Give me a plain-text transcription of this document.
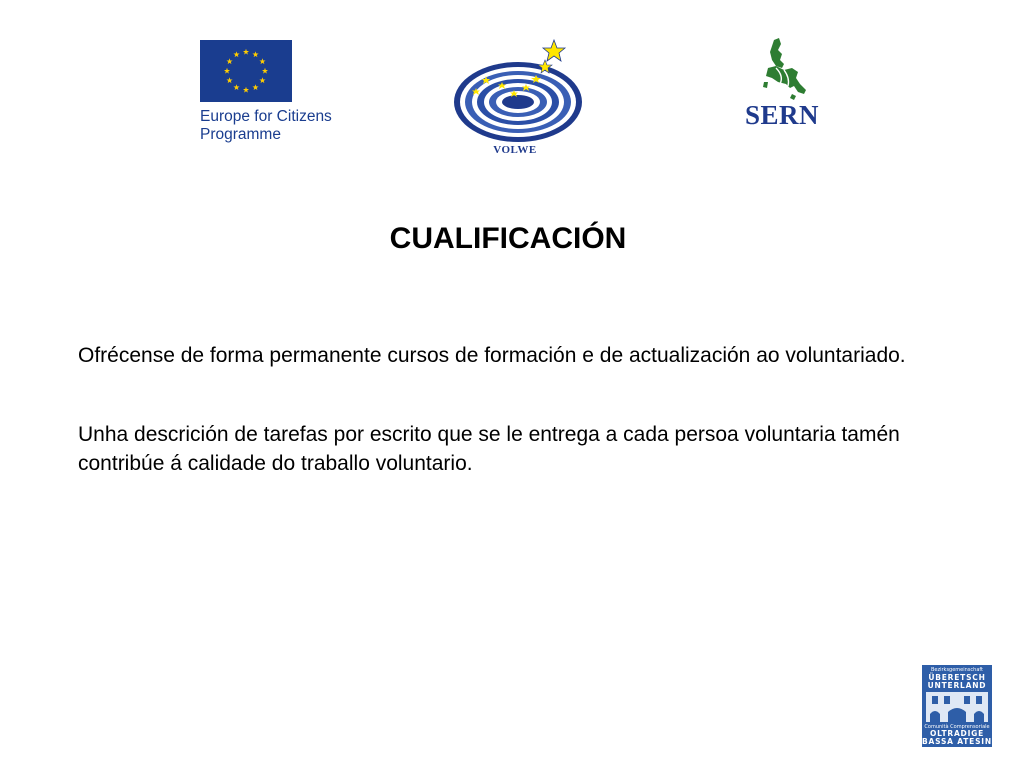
Europe for Citizens
Programme
VOLWE
SERN
CUALIFICACIÓN
Ofrécense de forma permanente cursos de formación e de actualización ao voluntariado.
Unha descrición de tarefas por escrito que se le entrega a cada persoa voluntaria tamén contribúe á calidade do traballo voluntario.
Bezirksgemeinschaft
ÜBERETSCH
UNTERLAND
Comunità Comprensoriale
OLTRADIGE
BASSA ATESINA
